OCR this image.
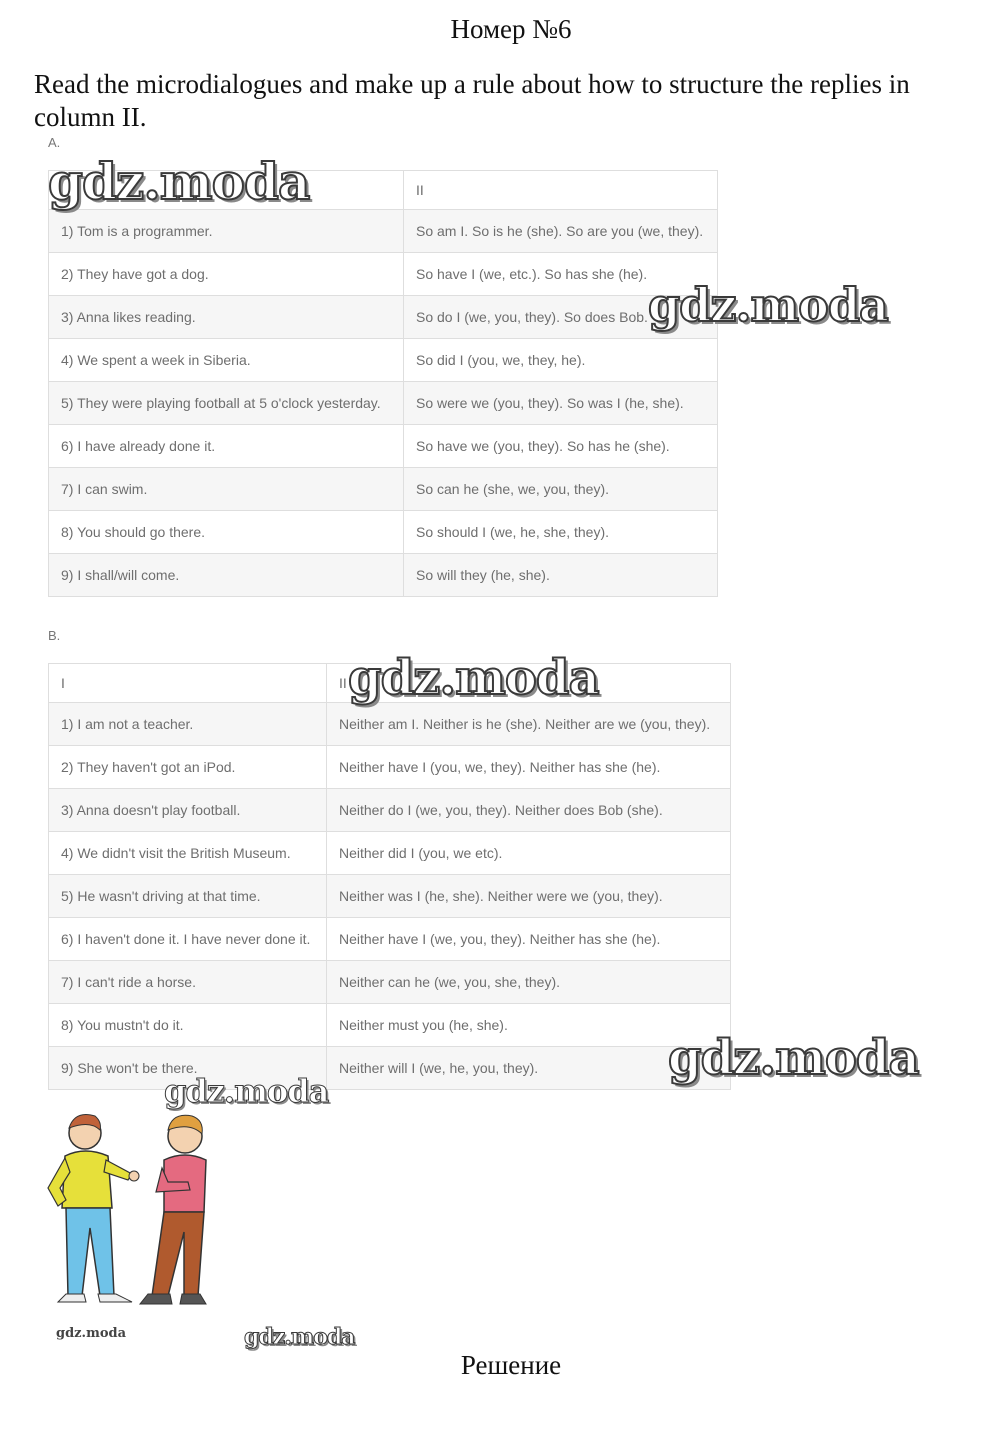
Номер №6
Read the microdialogues and make up a rule about how to structure the replies in column II.
A.
	II
1) Tom is a programmer.	So am I. So is he (she). So are you (we, they).
2) They have got a dog.	So have I (we, etc.). So has she (he).
3) Anna likes reading.	So do I (we, you, they). So does Bob.
4) We spent a week in Siberia.	So did I (you, we, they, he).
5) They were playing football at 5 o'clock yesterday.	So were we (you, they). So was I (he, she).
6) I have already done it.	So have we (you, they). So has he (she).
7) I can swim.	So can he (she, we, you, they).
8) You should go there.	So should I (we, he, she, they).
9) I shall/will come.	So will they (he, she).
B.
I	II
1) I am not a teacher.	Neither am I. Neither is he (she). Neither are we (you, they).
2) They haven't got an iPod.	Neither have I (you, we, they). Neither has she (he).
3) Anna doesn't play football.	Neither do I (we, you, they). Neither does Bob (she).
4) We didn't visit the British Museum.	Neither did I (you, we etc).
5) He wasn't driving at that time.	Neither was I (he, she). Neither were we (you, they).
6) I haven't done it. I have never done it.	Neither have I (we, you, they). Neither has she (he).
7) I can't ride a horse.	Neither can he (we, you, she, they).
8) You mustn't do it.	Neither must you (he, she).
9) She won't be there.	Neither will I (we, he, you, they).
gdz.moda
gdz.moda
gdz.moda
gdz.moda
gdz.moda
gdz.moda	gdz.moda
Решение
